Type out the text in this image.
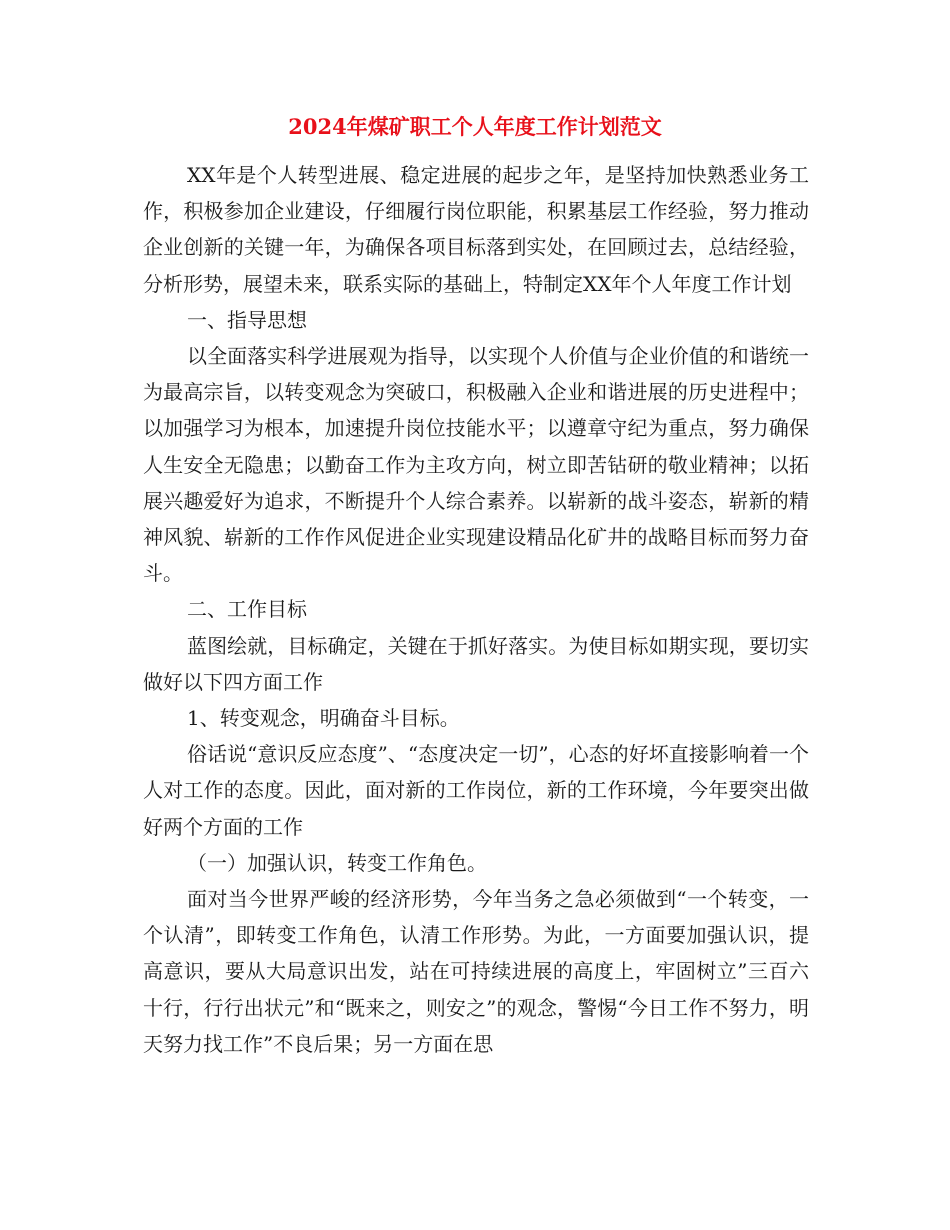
2024年煤矿职工个人年度工作计划范文

XX年是个人转型进展、稳定进展的起步之年，是坚持加快熟悉业务工作，积极参加企业建设，仔细履行岗位职能，积累基层工作经验，努力推动企业创新的关键一年，为确保各项目标落到实处，在回顾过去，总结经验，分析形势，展望未来，联系实际的基础上，特制定XX年个人年度工作计划

一、指导思想

以全面落实科学进展观为指导，以实现个人价值与企业价值的和谐统一为最高宗旨，以转变观念为突破口，积极融入企业和谐进展的历史进程中；以加强学习为根本，加速提升岗位技能水平；以遵章守纪为重点，努力确保人生安全无隐患；以勤奋工作为主攻方向，树立即苦钻研的敬业精神；以拓展兴趣爱好为追求，不断提升个人综合素养。以崭新的战斗姿态，崭新的精神风貌、崭新的工作作风促进企业实现建设精品化矿井的战略目标而努力奋斗。

二、工作目标

蓝图绘就，目标确定，关键在于抓好落实。为使目标如期实现，要切实做好以下四方面工作

1、转变观念，明确奋斗目标。

俗话说“意识反应态度”、“态度决定一切”，心态的好坏直接影响着一个人对工作的态度。因此，面对新的工作岗位，新的工作环境，今年要突出做好两个方面的工作

（一）加强认识，转变工作角色。

面对当今世界严峻的经济形势，今年当务之急必须做到“一个转变，一个认清”，即转变工作角色，认清工作形势。为此，一方面要加强认识，提高意识，要从大局意识出发，站在可持续进展的高度上，牢固树立”三百六十行，行行出状元”和“既来之，则安之”的观念，警惕“今日工作不努力，明天努力找工作”不良后果；另一方面在思
